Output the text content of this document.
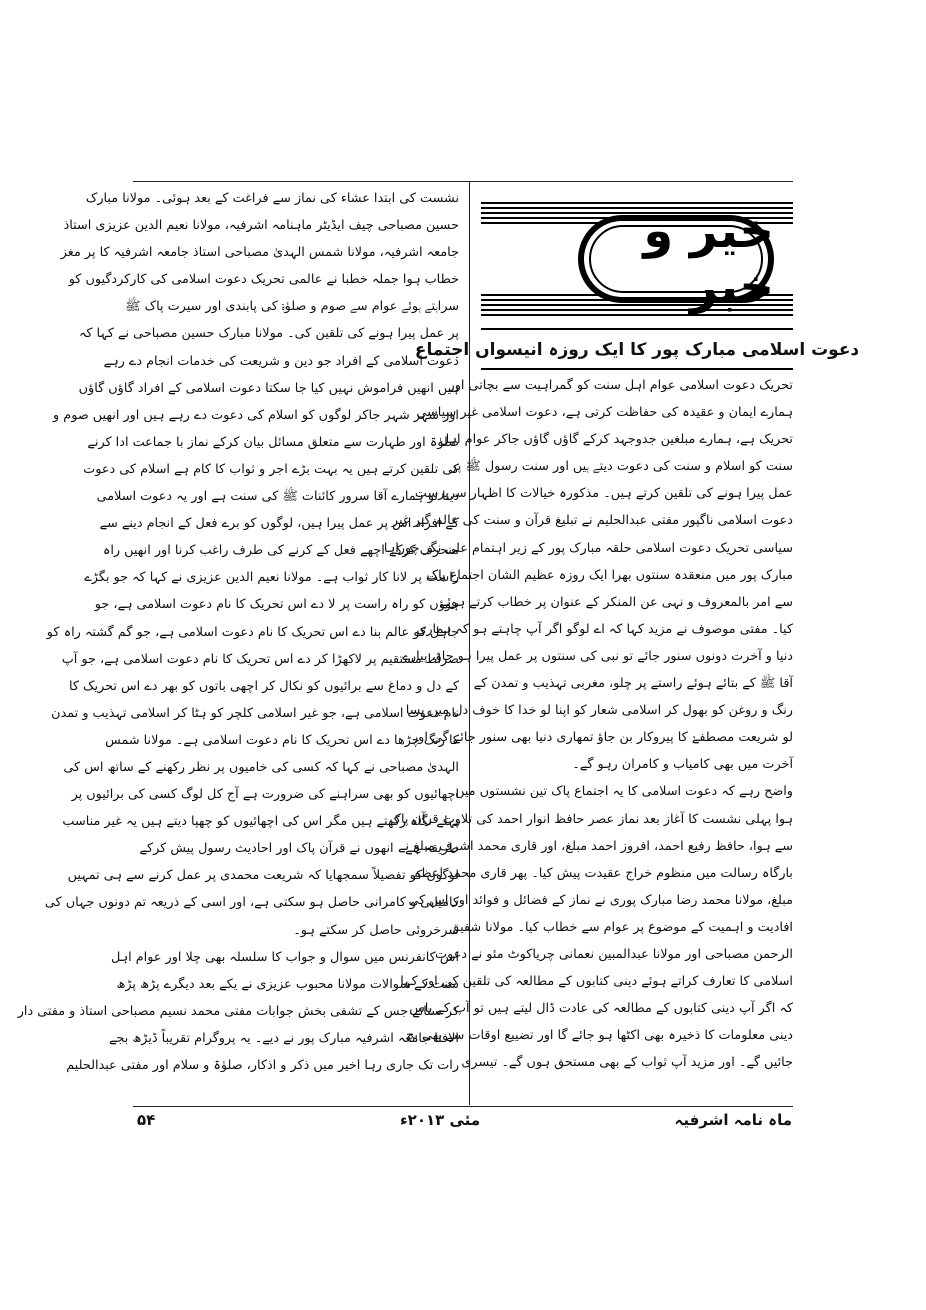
خیر و خبر
دعوت اسلامی مبارک پور کا ایک روزہ انیسواں اجتماع
تحریک دعوت اسلامی عوام اہل سنت کو گمراہیت سے بچاتی اور
ہمارے ایمان و عقیدہ کی حفاظت کرتی ہے، دعوت اسلامی غیر سیاسی
تحریک ہے، ہمارے مبلغین جدوجہد کرکے گاؤں گاؤں جاکر عوام اہل
سنت کو اسلام و سنت کی دعوت دیتے ہیں اور سنت رسول ﷺ پر
عمل پیرا ہونے کی تلقین کرتے ہیں۔ مذکورہ خیالات کا اظہار سرپرست
دعوت اسلامی ناگپور مفتی عبدالحلیم نے تبلیغ قرآن و سنت کی عالم گیر غیر
سیاسی تحریک دعوت اسلامی حلقہ مبارک پور کے زیر اہتمام علی نگر چوراہا
مبارک پور میں منعقدہ سنتوں بھرا ایک روزہ عظیم الشان اجتماع پاک
سے امر بالمعروف و نہی عن المنکر کے عنوان پر خطاب کرتے ہوئے
کیا۔ مفتی موصوف نے مزید کہا کہ اے لوگو اگر آپ چاہتے ہو کہ ہماری
دنیا و آخرت دونوں سنور جائے تو نبی کی سنتوں پر عمل پیرا ہو جاؤ، پیارے
آقا ﷺ کے بتائے ہوئے راستے پر چلو، مغربی تہذیب و تمدن کے
رنگ و روغن کو بھول کر اسلامی شعار کو اپنا لو خدا کا خوف دل میں بسا
لو شریعت مصطفےٰ کا پیروکار بن جاؤ تمھاری دنیا بھی سنور جائے گی اور
آخرت میں بھی کامیاب و کامران رہو گے۔
واضح رہے کہ دعوت اسلامی کا یہ اجتماع پاک تین نشستوں میں
ہوا پہلی نشست کا آغاز بعد نماز عصر حافظ انوار احمد کی تلاوت قرآن پاک
سے ہوا، حافظ رفیع احمد، افروز احمد مبلغ، اور قاری محمد اشرف مبلغ نے
بارگاہ رسالت میں منظوم خراج عقیدت پیش کیا۔ پھر قاری محمد اعظم
مبلغ، مولانا محمد رضا مبارک پوری نے نماز کے فضائل و فوائد اور اس کی
افادیت و اہمیت کے موضوع پر عوام سے خطاب کیا۔ مولانا شفیق
الرحمن مصباحی اور مولانا عبدالمبین نعمانی چریاکوٹ مئو نے دعوت
اسلامی کا تعارف کراتے ہوئے دینی کتابوں کے مطالعہ کی تلقین کی اور کہا
کہ اگر آپ دینی کتابوں کے مطالعہ کی عادت ڈال لیتے ہیں تو آپ کے پاس
دینی معلومات کا ذخیرہ بھی اکٹھا ہو جائے گا اور تضییع اوقات سے بھی بچ
جائیں گے۔ اور مزید آپ ثواب کے بھی مستحق ہوں گے۔ تیسری
نشست کی ابتدا عشاء کی نماز سے فراغت کے بعد ہوئی۔ مولانا مبارک
حسین مصباحی چیف ایڈیٹر ماہنامہ اشرفیہ، مولانا نعیم الدین عزیزی استاذ
جامعہ اشرفیہ، مولانا شمس الہدیٰ مصباحی استاذ جامعہ اشرفیہ کا پر مغز
خطاب ہوا جملہ خطبا نے عالمی تحریک دعوت اسلامی کی کارکردگیوں کو
سراہتے ہوئے عوام سے صوم و صلوٰۃ کی پابندی اور سیرت پاک ﷺ
پر عمل پیرا ہونے کی تلقین کی۔ مولانا مبارک حسین مصباحی نے کہا کہ
دعوت اسلامی کے افراد جو دین و شریعت کی خدمات انجام دے رہے
ہیں انھیں فراموش نہیں کیا جا سکتا دعوت اسلامی کے افراد گاؤں گاؤں
اور شہر شہر جاکر لوگوں کو اسلام کی دعوت دے رہے ہیں اور انھیں صوم و
صلوٰۃ اور طہارت سے متعلق مسائل بیان کرکے نماز با جماعت ادا کرنے
کی تلقین کرتے ہیں یہ بہت بڑے اجر و ثواب کا کام ہے اسلام کی دعوت
دینا تو ہمارے آقا سرور کائنات ﷺ کی سنت ہے اور یہ دعوت اسلامی
کے افراد اس پر عمل پیرا ہیں، لوگوں کو برے فعل کے انجام دینے سے
منحرف کرکے اچھے فعل کے کرنے کی طرف راغب کرنا اور انھیں راہ
راست پر لانا کار ثواب ہے۔ مولانا نعیم الدین عزیزی نے کہا کہ جو بگڑے
ہوؤں کو راہ راست پر لا دے اس تحریک کا نام دعوت اسلامی ہے، جو
جاہل کو عالم بنا دے اس تحریک کا نام دعوت اسلامی ہے، جو گم گشتہ راہ کو
صراط مستقیم پر لاکھڑا کر دے اس تحریک کا نام دعوت اسلامی ہے، جو آپ
کے دل و دماغ سے برائیوں کو نکال کر اچھی باتوں کو بھر دے اس تحریک کا
نام دعوت اسلامی ہے، جو غیر اسلامی کلچر کو ہٹا کر اسلامی تہذیب و تمدن
کا رنگ چڑھا دے اس تحریک کا نام دعوت اسلامی ہے۔ مولانا شمس
الہدیٰ مصباحی نے کہا کہ کسی کی خامیوں پر نظر رکھنے کے ساتھ اس کی
اچھائیوں کو بھی سراہنے کی ضرورت ہے آج کل لوگ کسی کی برائیوں پر
پہلے نگاہ رکھتے ہیں مگر اس کی اچھائیوں کو چھپا دیتے ہیں یہ غیر مناسب
طریقہ ہے۔ انھوں نے قرآن پاک اور احادیث رسول پیش کرکے
لوگوں کو تفصیلاً سمجھایا کہ شریعت محمدی پر عمل کرنے سے ہی تمہیں
کامیابی و کامرانی حاصل ہو سکتی ہے، اور اسی کے ذریعہ تم دونوں جہاں کی
سرخروئی حاصل کر سکتے ہو۔
اس کانفرنس میں سوال و جواب کا سلسلہ بھی چلا اور عوام اہل
سنت کے سوالات مولانا محبوب عزیزی نے یکے بعد دیگرے پڑھ پڑھ
کر سنائے جس کے تشفی بخش جوابات مفتی محمد نسیم مصباحی استاذ و مفتی دار
الافتا جامعہ اشرفیہ مبارک پور نے دیے۔ یہ پروگرام تقریباً ڈیڑھ بجے
رات تک جاری رہا اخیر میں ذکر و اذکار، صلوٰۃ و سلام اور مفتی عبدالحلیم
ماہ نامہ اشرفیہ
مئی ۲۰۱۳ء
۵۴
